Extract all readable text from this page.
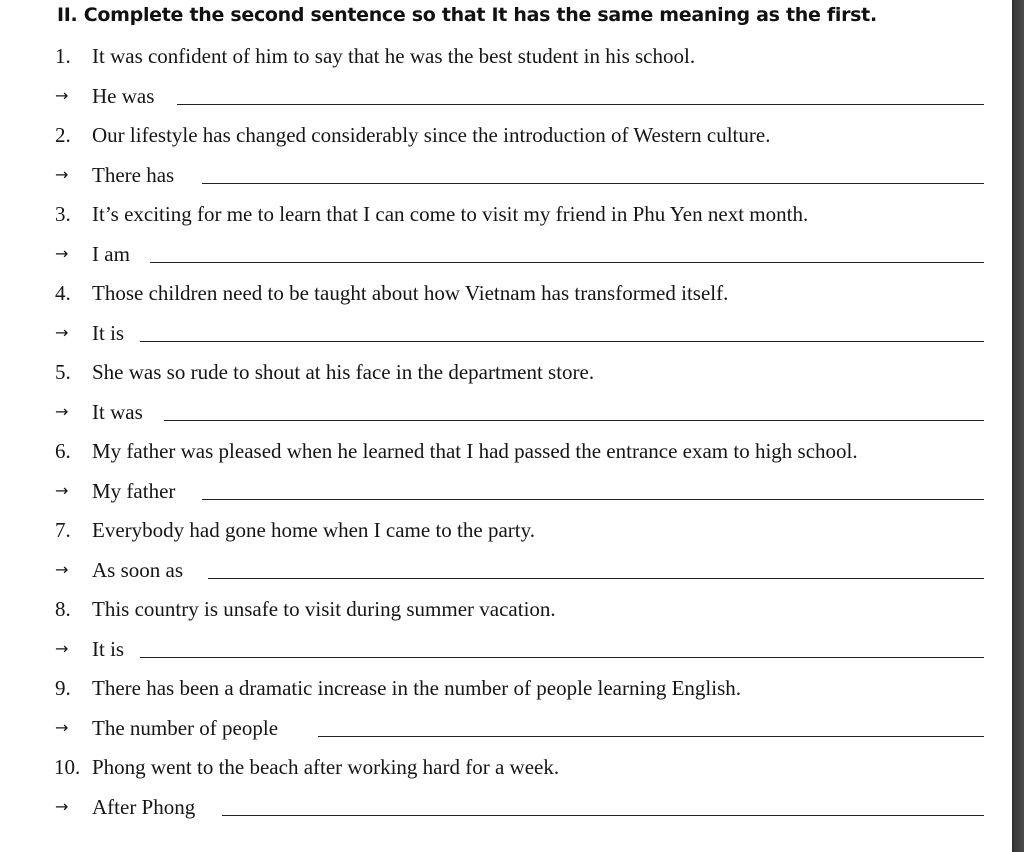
II. Complete the second sentence so that It has the same meaning as the first.
1.	It was confident of him to say that he was the best student in his school.
→ He was
2.	Our lifestyle has changed considerably since the introduction of Western culture.
→ There has
3.	It’s exciting for me to learn that I can come to visit my friend in Phu Yen next month.
→ I am
4.	Those children need to be taught about how Vietnam has transformed itself.
→ It is
5.	She was so rude to shout at his face in the department store.
→ It was
6.	My father was pleased when he learned that I had passed the entrance exam to high school.
→ My father
7.	Everybody had gone home when I came to the party.
→ As soon as
8.	This country is unsafe to visit during summer vacation.
→ It is
9.	There has been a dramatic increase in the number of people learning English.
→ The number of people
10. Phong went to the beach after working hard for a week.
→ After Phong
